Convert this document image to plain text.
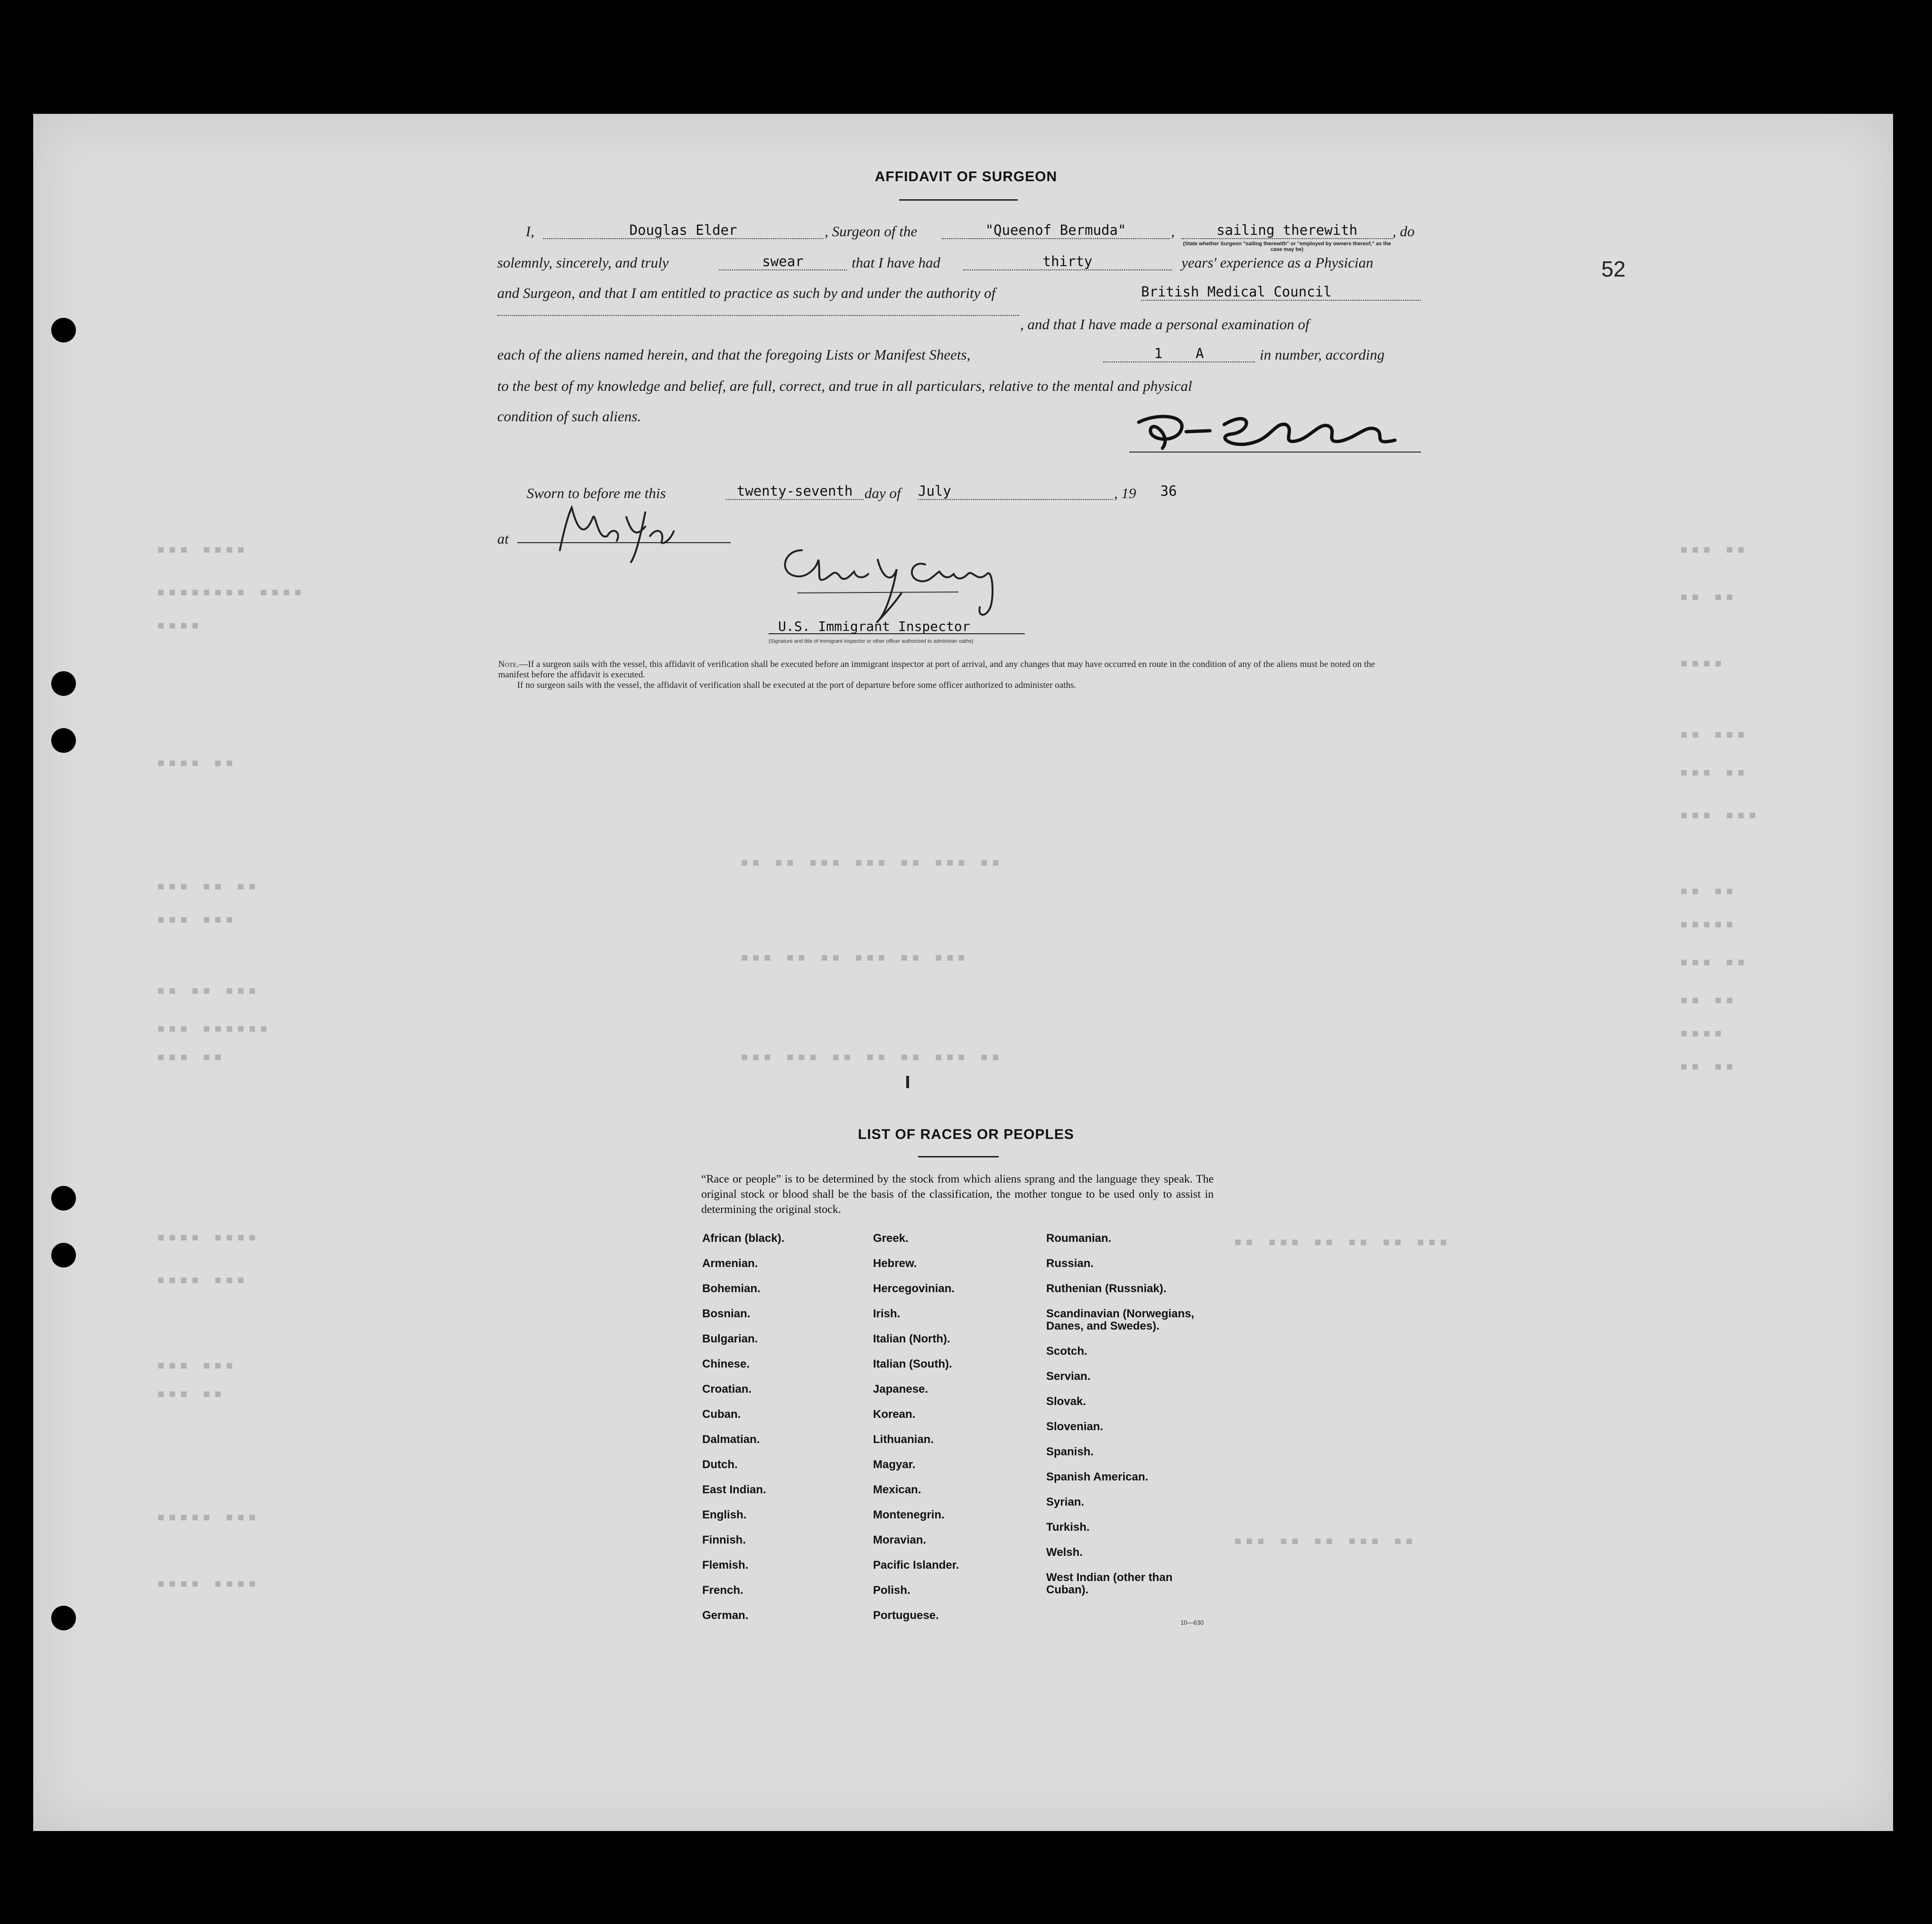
▪▪▪ ▪▪
▪▪ ▪▪
▪▪▪▪
▪▪ ▪▪▪
▪▪▪ ▪▪
▪▪▪ ▪▪▪
▪▪ ▪▪
▪▪▪▪▪
▪▪▪ ▪▪
▪▪ ▪▪
▪▪▪▪
▪▪ ▪▪
▪▪▪ ▪▪▪▪
▪▪▪▪▪▪▪▪ ▪▪▪▪
▪▪▪▪
▪▪▪▪ ▪▪
▪▪▪ ▪▪ ▪▪
▪▪▪ ▪▪▪
▪▪ ▪▪ ▪▪▪
▪▪▪ ▪▪▪▪▪▪
▪▪▪ ▪▪
▪▪▪▪ ▪▪▪▪
▪▪▪▪ ▪▪▪
▪▪▪ ▪▪▪
▪▪▪ ▪▪
▪▪▪▪▪ ▪▪▪
▪▪▪▪ ▪▪▪▪
▪▪ ▪▪ ▪▪▪ ▪▪▪ ▪▪ ▪▪▪ ▪▪
▪▪▪ ▪▪ ▪▪ ▪▪▪ ▪▪ ▪▪▪
▪▪▪ ▪▪▪ ▪▪ ▪▪ ▪▪ ▪▪▪ ▪▪
▪▪ ▪▪▪ ▪▪ ▪▪ ▪▪ ▪▪▪
▪▪▪ ▪▪ ▪▪ ▪▪▪ ▪▪
52
AFFIDAVIT OF SURGEON
I,	Douglas Elder	, Surgeon of the	"Queenof Bermuda"	,	sailing therewith	, do
(State whether Surgeon "sailing therewith" or "employed by owners thereof," as the case may be)
solemnly, sincerely, and truly	swear	that I have had	thirty	years' experience as a Physician
and Surgeon, and that I am entitled to practice as such by and under the authority of	British Medical Council
, and that I have made a personal examination of
each of the aliens named herein, and that the foregoing Lists or Manifest Sheets,	1 A	in number, according
to the best of my knowledge and belief, are full, correct, and true in all particulars, relative to the mental and physical
condition of such aliens.
Sworn to before me this	twenty-seventh day of July	, 19 36
at
U.S. Immigrant Inspector
(Signature and title of immigrant inspector or other officer authorized to administer oaths)
Note.—If a surgeon sails with the vessel, this affidavit of verification shall be executed before an immigrant inspector at port of arrival, and any changes that may have occurred en route in the condition of any of the aliens must be noted on the manifest before the affidavit is executed.
If no surgeon sails with the vessel, the affidavit of verification shall be executed at the port of departure before some officer authorized to administer oaths.
LIST OF RACES OR PEOPLES
“Race or people” is to be determined by the stock from which aliens sprang and the language they speak. The original stock or blood shall be the basis of the classification, the mother tongue to be used only to assist in determining the original stock.
African (black).
Armenian.
Bohemian.
Bosnian.
Bulgarian.
Chinese.
Croatian.
Cuban.
Dalmatian.
Dutch.
East Indian.
English.
Finnish.
Flemish.
French.
German.
Greek.
Hebrew.
Hercegovinian.
Irish.
Italian (North).
Italian (South).
Japanese.
Korean.
Lithuanian.
Magyar.
Mexican.
Montenegrin.
Moravian.
Pacific Islander.
Polish.
Portuguese.
Roumanian.
Russian.
Ruthenian (Russniak).
Scandinavian (Norwegians,
Danes, and Swedes).
Scotch.
Servian.
Slovak.
Slovenian.
Spanish.
Spanish American.
Syrian.
Turkish.
Welsh.
West Indian (other than
Cuban).
10—630
